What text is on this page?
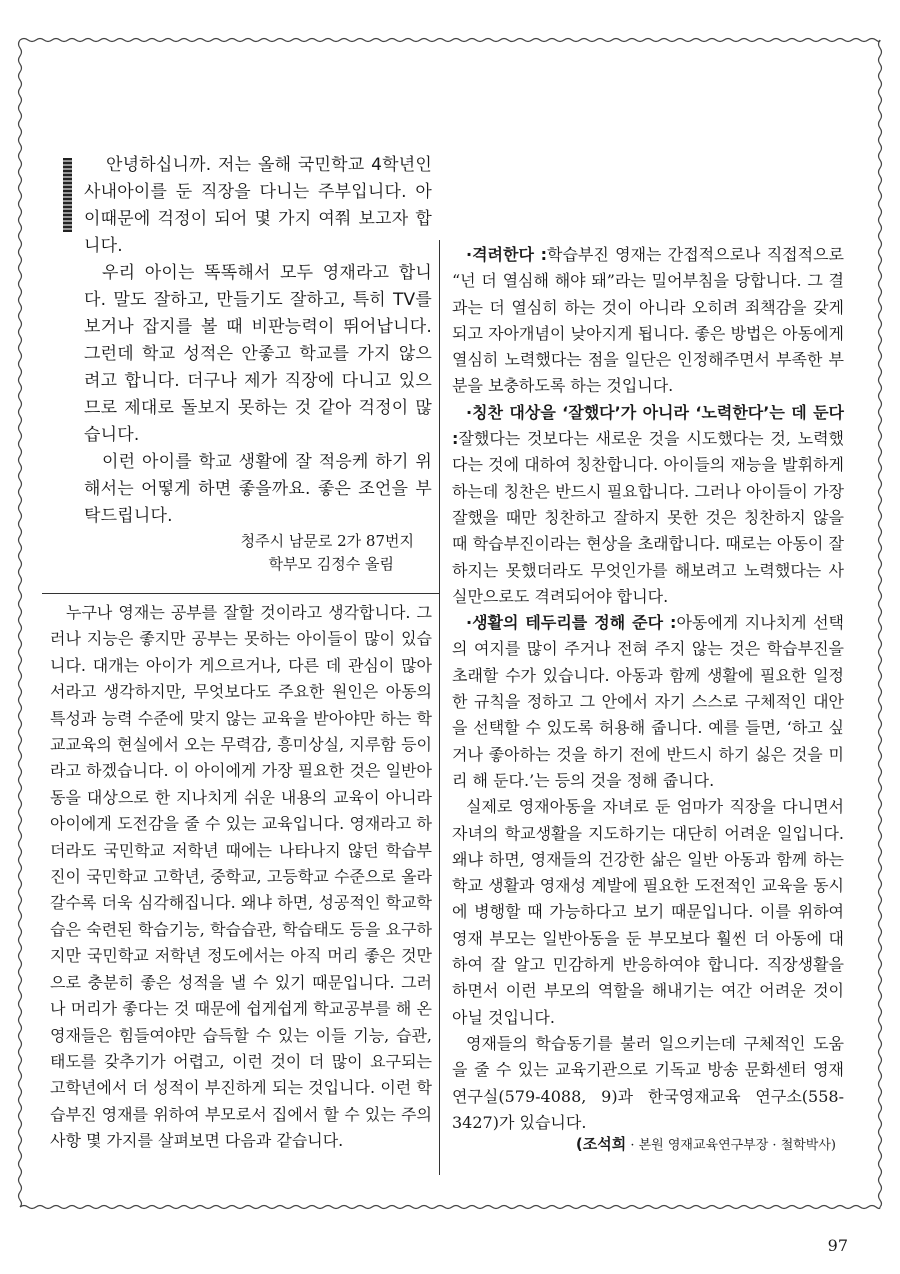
안녕하십니까. 저는 올해 국민학교 4학년인 사내아이를 둔 직장을 다니는 주부입니다. 아이때문에 걱정이 되어 몇 가지 여쭤 보고자 합니다.

우리 아이는 똑똑해서 모두 영재라고 합니다. 말도 잘하고, 만들기도 잘하고, 특히 TV를 보거나 잡지를 볼 때 비판능력이 뛰어납니다. 그런데 학교 성적은 안좋고 학교를 가지 않으려고 합니다. 더구나 제가 직장에 다니고 있으므로 제대로 돌보지 못하는 것 같아 걱정이 많습니다.

이런 아이를 학교 생활에 잘 적응케 하기 위해서는 어떻게 하면 좋을까요. 좋은 조언을 부탁드립니다.

청주시 남문로 2가 87번지
학부모 김정수 올림

누구나 영재는 공부를 잘할 것이라고 생각합니다. 그러나 지능은 좋지만 공부는 못하는 아이들이 많이 있습니다. 대개는 아이가 게으르거나, 다른 데 관심이 많아서라고 생각하지만, 무엇보다도 주요한 원인은 아동의 특성과 능력 수준에 맞지 않는 교육을 받아야만 하는 학교교육의 현실에서 오는 무력감, 흥미상실, 지루함 등이라고 하겠습니다. 이 아이에게 가장 필요한 것은 일반아동을 대상으로 한 지나치게 쉬운 내용의 교육이 아니라 아이에게 도전감을 줄 수 있는 교육입니다. 영재라고 하더라도 국민학교 저학년 때에는 나타나지 않던 학습부진이 국민학교 고학년, 중학교, 고등학교 수준으로 올라갈수록 더욱 심각해집니다. 왜냐 하면, 성공적인 학교학습은 숙련된 학습기능, 학습습관, 학습태도 등을 요구하지만 국민학교 저학년 정도에서는 아직 머리 좋은 것만으로 충분히 좋은 성적을 낼 수 있기 때문입니다. 그러나 머리가 좋다는 것 때문에 쉽게쉽게 학교공부를 해 온 영재들은 힘들여야만 습득할 수 있는 이들 기능, 습관, 태도를 갖추기가 어렵고, 이런 것이 더 많이 요구되는 고학년에서 더 성적이 부진하게 되는 것입니다. 이런 학습부진 영재를 위하여 부모로서 집에서 할 수 있는 주의사항 몇 가지를 살펴보면 다음과 같습니다.

·격려한다 :학습부진 영재는 간접적으로나 직접적으로 “넌 더 열심해 해야 돼”라는 밀어부침을 당합니다. 그 결과는 더 열심히 하는 것이 아니라 오히려 죄책감을 갖게 되고 자아개념이 낮아지게 됩니다. 좋은 방법은 아동에게 열심히 노력했다는 점을 일단은 인정해주면서 부족한 부분을 보충하도록 하는 것입니다.

·칭찬 대상을 ‘잘했다’가 아니라 ‘노력한다’는 데 둔다 :잘했다는 것보다는 새로운 것을 시도했다는 것, 노력했다는 것에 대하여 칭찬합니다. 아이들의 재능을 발휘하게 하는데 칭찬은 반드시 필요합니다. 그러나 아이들이 가장 잘했을 때만 칭찬하고 잘하지 못한 것은 칭찬하지 않을 때 학습부진이라는 현상을 초래합니다. 때로는 아동이 잘하지는 못했더라도 무엇인가를 해보려고 노력했다는 사실만으로도 격려되어야 합니다.

·생활의 테두리를 정해 준다 :아동에게 지나치게 선택의 여지를 많이 주거나 전혀 주지 않는 것은 학습부진을 초래할 수가 있습니다. 아동과 함께 생활에 필요한 일정한 규칙을 정하고 그 안에서 자기 스스로 구체적인 대안을 선택할 수 있도록 허용해 줍니다. 예를 들면, ‘하고 싶거나 좋아하는 것을 하기 전에 반드시 하기 싫은 것을 미리 해 둔다.’는 등의 것을 정해 줍니다.

실제로 영재아동을 자녀로 둔 엄마가 직장을 다니면서 자녀의 학교생활을 지도하기는 대단히 어려운 일입니다. 왜냐 하면, 영재들의 건강한 삶은 일반 아동과 함께 하는 학교 생활과 영재성 계발에 필요한 도전적인 교육을 동시에 병행할 때 가능하다고 보기 때문입니다. 이를 위하여 영재 부모는 일반아동을 둔 부모보다 훨씬 더 아동에 대하여 잘 알고 민감하게 반응하여야 합니다. 직장생활을 하면서 이런 부모의 역할을 해내기는 여간 어려운 것이 아닐 것입니다.

영재들의 학습동기를 불러 일으키는데 구체적인 도움을 줄 수 있는 교육기관으로 기독교 방송 문화센터 영재 연구실(579-4088, 9)과 한국영재교육 연구소(558-3427)가 있습니다.

(조석희 · 본원 영재교육연구부장 · 철학박사)
97
